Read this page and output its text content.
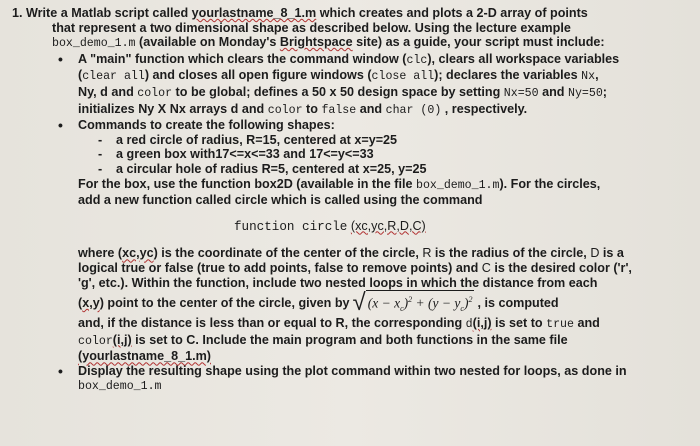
1. Write a Matlab script called yourlastname_8_1.m which creates and plots a 2-D array of points
that represent a two dimensional shape as described below. Using the lecture example
box_demo_1.m (available on Monday's Brightspace site) as a guide, your script must include:
• A "main" function which clears the command window (clc), clears all workspace variables
(clear all) and closes all open figure windows (close all); declares the variables Nx,
Ny, d and color to be global; defines a 50 x 50 design space by setting Nx=50 and Ny=50;
initializes Ny X Nx arrays d and color to false and char (0) , respectively.
• Commands to create the following shapes:
- a red circle of radius, R=15, centered at x=y=25
- a green box with17<=x<=33 and 17<=y<=33
- a circular hole of radius R=5, centered at x=25, y=25
For the box, use the function box2D (available in the file box_demo_1.m). For the circles,
add a new function called circle which is called using the command
function circle (xc,yc,R,D,C)
where (xc,yc) is the coordinate of the center of the circle, R is the radius of the circle, D is a
logical true or false (true to add points, false to remove points) and C is the desired color ('r',
'g', etc.). Within the function, include two nested loops in which the distance from each
( x,y ) point to the center of the circle, given by √ $(x - x_c)^2 + (y - y_c)^2$ , is computed
and, if the distance is less than or equal to R, the corresponding d(i,j) is set to true and
color(i,j) is set to C. Include the main program and both functions in the same file
(yourlastname_8_1.m)
• Display the resulting shape using the plot command within two nested for loops, as done in
box_demo_1.m
